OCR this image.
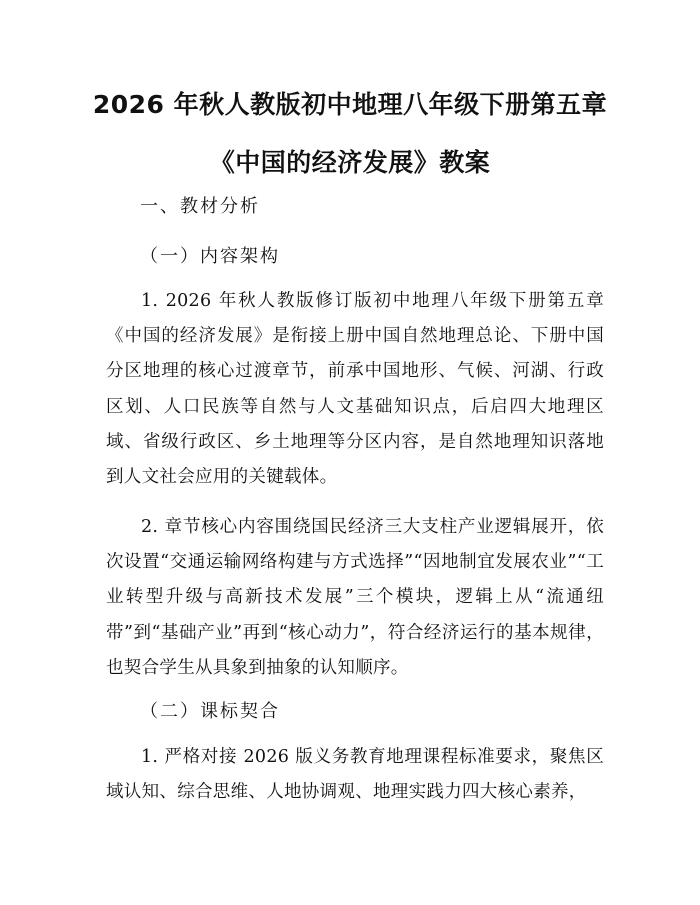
2026 年秋人教版初中地理八年级下册第五章
《中国的经济发展》教案
一、教材分析
（一）内容架构
1. 2026 年秋人教版修订版初中地理八年级下册第五章《中国的经济发展》是衔接上册中国自然地理总论、下册中国分区地理的核心过渡章节，前承中国地形、气候、河湖、行政区划、人口民族等自然与人文基础知识点，后启四大地理区域、省级行政区、乡土地理等分区内容，是自然地理知识落地到人文社会应用的关键载体。
2. 章节核心内容围绕国民经济三大支柱产业逻辑展开，依次设置“交通运输网络构建与方式选择”“因地制宜发展农业”“工业转型升级与高新技术发展”三个模块，逻辑上从“流通纽带”到“基础产业”再到“核心动力”，符合经济运行的基本规律，也契合学生从具象到抽象的认知顺序。
（二）课标契合
1. 严格对接 2026 版义务教育地理课程标准要求，聚焦区域认知、综合思维、人地协调观、地理实践力四大核心素养，
